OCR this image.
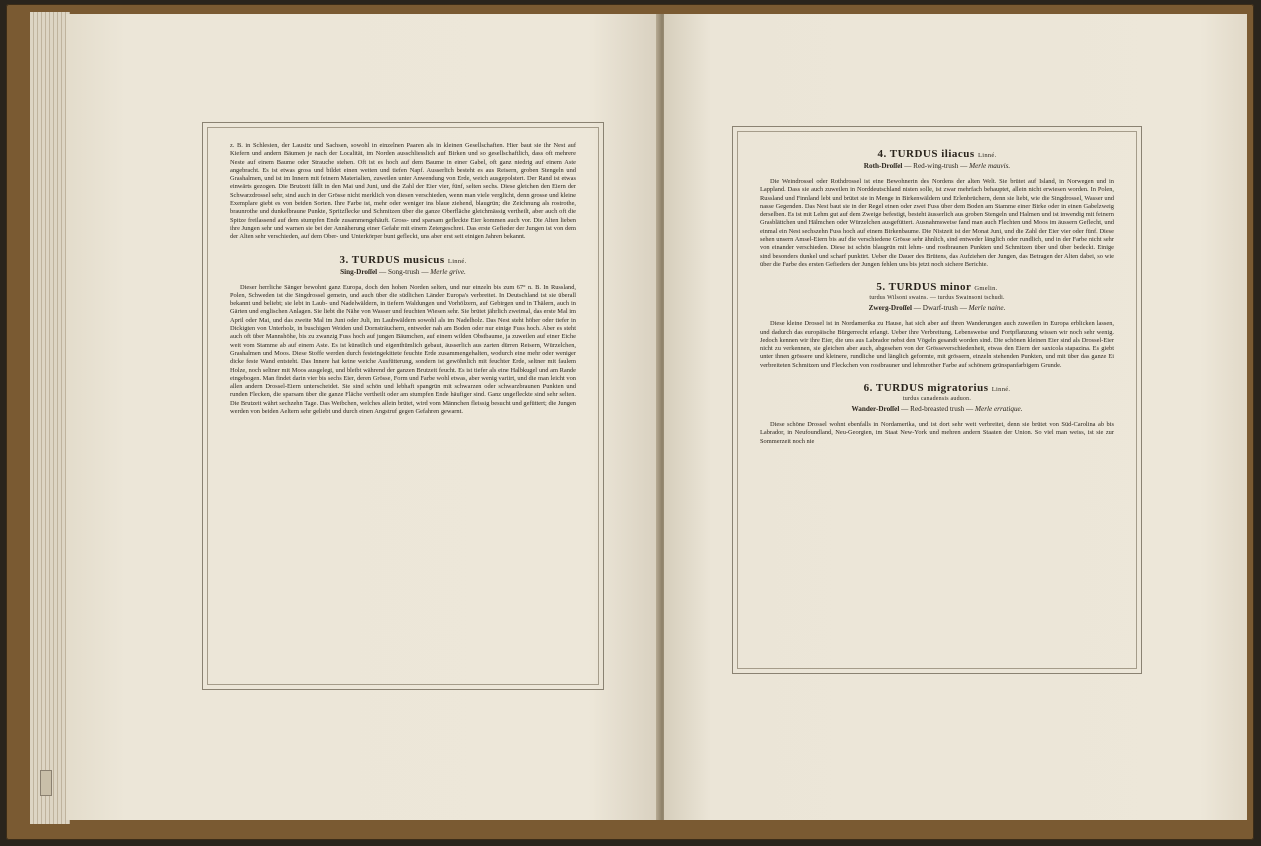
z. B. in Schlesien, der Lausitz und Sachsen, sowohl in einzelnen Paaren als in kleinen Gesellschaften. Hier baut sie ihr Nest auf Kiefern und andern Bäumen je nach der Localität, im Norden ausschliesslich auf Birken und so gesellschaftlich, dass oft mehrere Neste auf einem Baume oder Strauche stehen. Oft ist es hoch auf dem Baume in einer Gabel, oft ganz niedrig auf einem Aste angebracht. Es ist etwas gross und bildet einen weiten und tiefen Napf. Ausserlich besteht es aus Reisern, groben Stengeln und Grashalmen, und ist im Innern mit feinern Materialien, zuweilen unter Anwendung von Erde, weich ausgepolstert. Der Rand ist etwas einwärts gezogen. Die Brutzeit fällt in den Mai und Juni, und die Zahl der Eier vier, fünf, selten sechs. Diese gleichen den Eiern der Schwarzdrossel sehr, sind auch in der Grösse nicht merklich von diesen verschieden, wenn man viele verglicht, denn grosse und kleine Exemplare giebt es von beiden Sorten. Ihre Farbe ist, mehr oder weniger ins blaue ziehend, blaugrün; die Zeichnung als rostrothe, braunrothe und dunkelbraune Punkte, Spritzflecke und Schmitzen über die ganze Oberfläche gleichmässig vertheilt, aber auch oft die Spitze freilassend auf dem stumpfen Ende zusammengehäuft. Gross- und sparsam gefleckte Eier kommen auch vor. Die Alten lieben ihre Jungen sehr und warnen sie bei der Annäherung einer Gefahr mit einem Zetergeschrei. Das erste Gefieder der Jungen ist von dem der Alten sehr verschieden, auf dem Ober- und Unterkörper bunt gefleckt, uns aber erst seit einigen Jahren bekannt.

3. TURDUS musicus Linné.
Sing-Droſſel — Song-trush — Merle grive.

Dieser herrliche Sänger bewohnt ganz Europa, doch den hohen Norden selten, und nur einzeln bis zum 67° n. B. In Russland, Polen, Schweden ist die Singdrossel gemein, und auch über die südlichen Länder Europa's verbreitet. In Deutschland ist sie überall bekannt und beliebt; sie lebt in Laub- und Nadelwäldern, in tiefern Waldungen und Vorhölzern, auf Gebirgen und in Thälern, auch in Gärten und englischen Anlagen. Sie liebt die Nähe von Wasser und feuchten Wiesen sehr. Sie brütet jährlich zweimal, das erste Mal im April oder Mai, und das zweite Mal im Juni oder Juli, im Laubwäldern sowohl als im Nadelholz. Das Nest steht höher oder tiefer in Dickigten von Unterholz, in buschigen Weiden und Dornsträuchern, entweder nah am Boden oder nur einige Fuss hoch. Aber es steht auch oft über Mannshöhe, bis zu zwanzig Fuss hoch auf jungen Bäumchen, auf einem wilden Obstbaume, ja zuweilen auf einer Eiche weit vom Stamme ab auf einem Aste. Es ist künstlich und eigenthümlich gebaut, äusserlich aus zarten dürren Reisern, Würzelchen, Grashalmen und Moos. Diese Stoffe werden durch festeingekittete feuchte Erde zusammengehalten, wodurch eine mehr oder weniger dicke feste Wand entsteht. Das Innere hat keine weiche Ausfütterung, sondern ist gewöhnlich mit feuchter Erde, seltner mit faulem Holze, noch seltner mit Moos ausgelegt, und bleibt während der ganzen Brutzeit feucht. Es ist tiefer als eine Halbkugel und am Rande eingebogen. Man findet darin vier bis sechs Eier, deren Grösse, Form und Farbe wohl etwas, aber wenig variirt, und die man leicht von allen andern Drossel-Eiern unterscheidet. Sie sind schön und lebhaft spangrün mit schwarzen oder schwarzbraunen Punkten und runden Flecken, die sparsam über die ganze Fläche vertheilt oder am stumpfen Ende häufiger sind. Ganz ungefleckte sind sehr selten. Die Brutzeit währt sechzehn Tage. Das Weibchen, welches allein brütet, wird vom Männchen fleissig besucht und gefüttert; die Jungen werden von beiden Aeltern sehr geliebt und durch einen Angstruf gegen Gefahren gewarnt.

4. TURDUS iliacus Linné.
Roth-Droſſel — Red-wing-trush — Merle mauvis.

Die Weindrossel oder Rothdrossel ist eine Bewohnerin des Nordens der alten Welt. Sie brütet auf Island, in Norwegen und in Lappland. Dass sie auch zuweilen in Norddeutschland nisten solle, ist zwar mehrfach behauptet, allein nicht erwiesen worden. In Polen, Russland und Finnland lebt und brütet sie in Menge in Birkenwäldern und Erlenbrüchern, denn sie liebt, wie die Singdrossel, Wasser und nasse Gegenden. Das Nest baut sie in der Regel einen oder zwei Fuss über dem Boden am Stamme einer Birke oder in einen Gabelzweig derselben. Es ist mit Lehm gut auf dem Zweige befestigt, besteht äusserlich aus groben Stengeln und Halmen und ist inwendig mit feinern Grasblättchen und Hälmchen oder Würzelchen ausgefüttert. Ausnahmsweise fand man auch Flechten und Moos im äussern Geflecht, und einmal ein Nest sechszehn Fuss hoch auf einem Birkenbaume. Die Nistzeit ist der Monat Juni, und die Zahl der Eier vier oder fünf. Diese sehen unsern Amsel-Eiern bis auf die verschiedene Grösse sehr ähnlich, sind entweder länglich oder rundlich, und in der Farbe nicht sehr von einander verschieden. Diese ist schön blaugrün mit lehm- und rostbraunen Punkten und Schmitzen über und über bedeckt. Einige sind besonders dunkel und scharf punktirt. Ueber die Dauer des Brütens, das Aufziehen der Jungen, das Betragen der Alten dabei, so wie über die Farbe des ersten Gefieders der Jungen fehlen uns bis jetzt noch sichere Berichte.

5. TURDUS minor Gmelin.
turdus Wilsoni swains. — turdus Swainsoni tschudi.
Zwerg-Droſſel — Dwarf-trush — Merle naine.

Diese kleine Drossel ist in Nordamerika zu Hause, hat sich aber auf ihren Wanderungen auch zuweilen in Europa erblicken lassen, und dadurch das europäische Bürgerrecht erlangt. Ueber ihre Verbreitung, Lebensweise und Fortpflanzung wissen wir noch sehr wenig. Jedoch kennen wir ihre Eier, die uns aus Labrador nebst den Vögeln gesandt worden sind. Die schönen kleinen Eier sind als Drossel-Eier nicht zu verkennen, sie gleichen aber auch, abgesehen von der Grösseverschiedenheit, etwas den Eiern der saxicola stapazina. Es giebt unter ihnen grössere und kleinere, rundliche und länglich geformte, mit grössern, einzeln stehenden Punkten, und mit über das ganze Ei verbreiteten Schmitzen und Fleckchen von rostbrauner und lehmrother Farbe auf schönem grünspanfarbigem Grunde.

6. TURDUS migratorius Linné.
turdus canadensis auduon.
Wander-Droſſel — Red-breasted trush — Merle erratique.

Diese schöne Drossel wohnt ebenfalls in Nordamerika, und ist dort sehr weit verbreitet, denn sie brütet von Süd-Carolina ab bis Labrador, in Neufoundland, Neu-Georgien, im Staat New-York und mehren andern Staaten der Union. So viel man weiss, ist sie zur Sommerzeit noch nie
